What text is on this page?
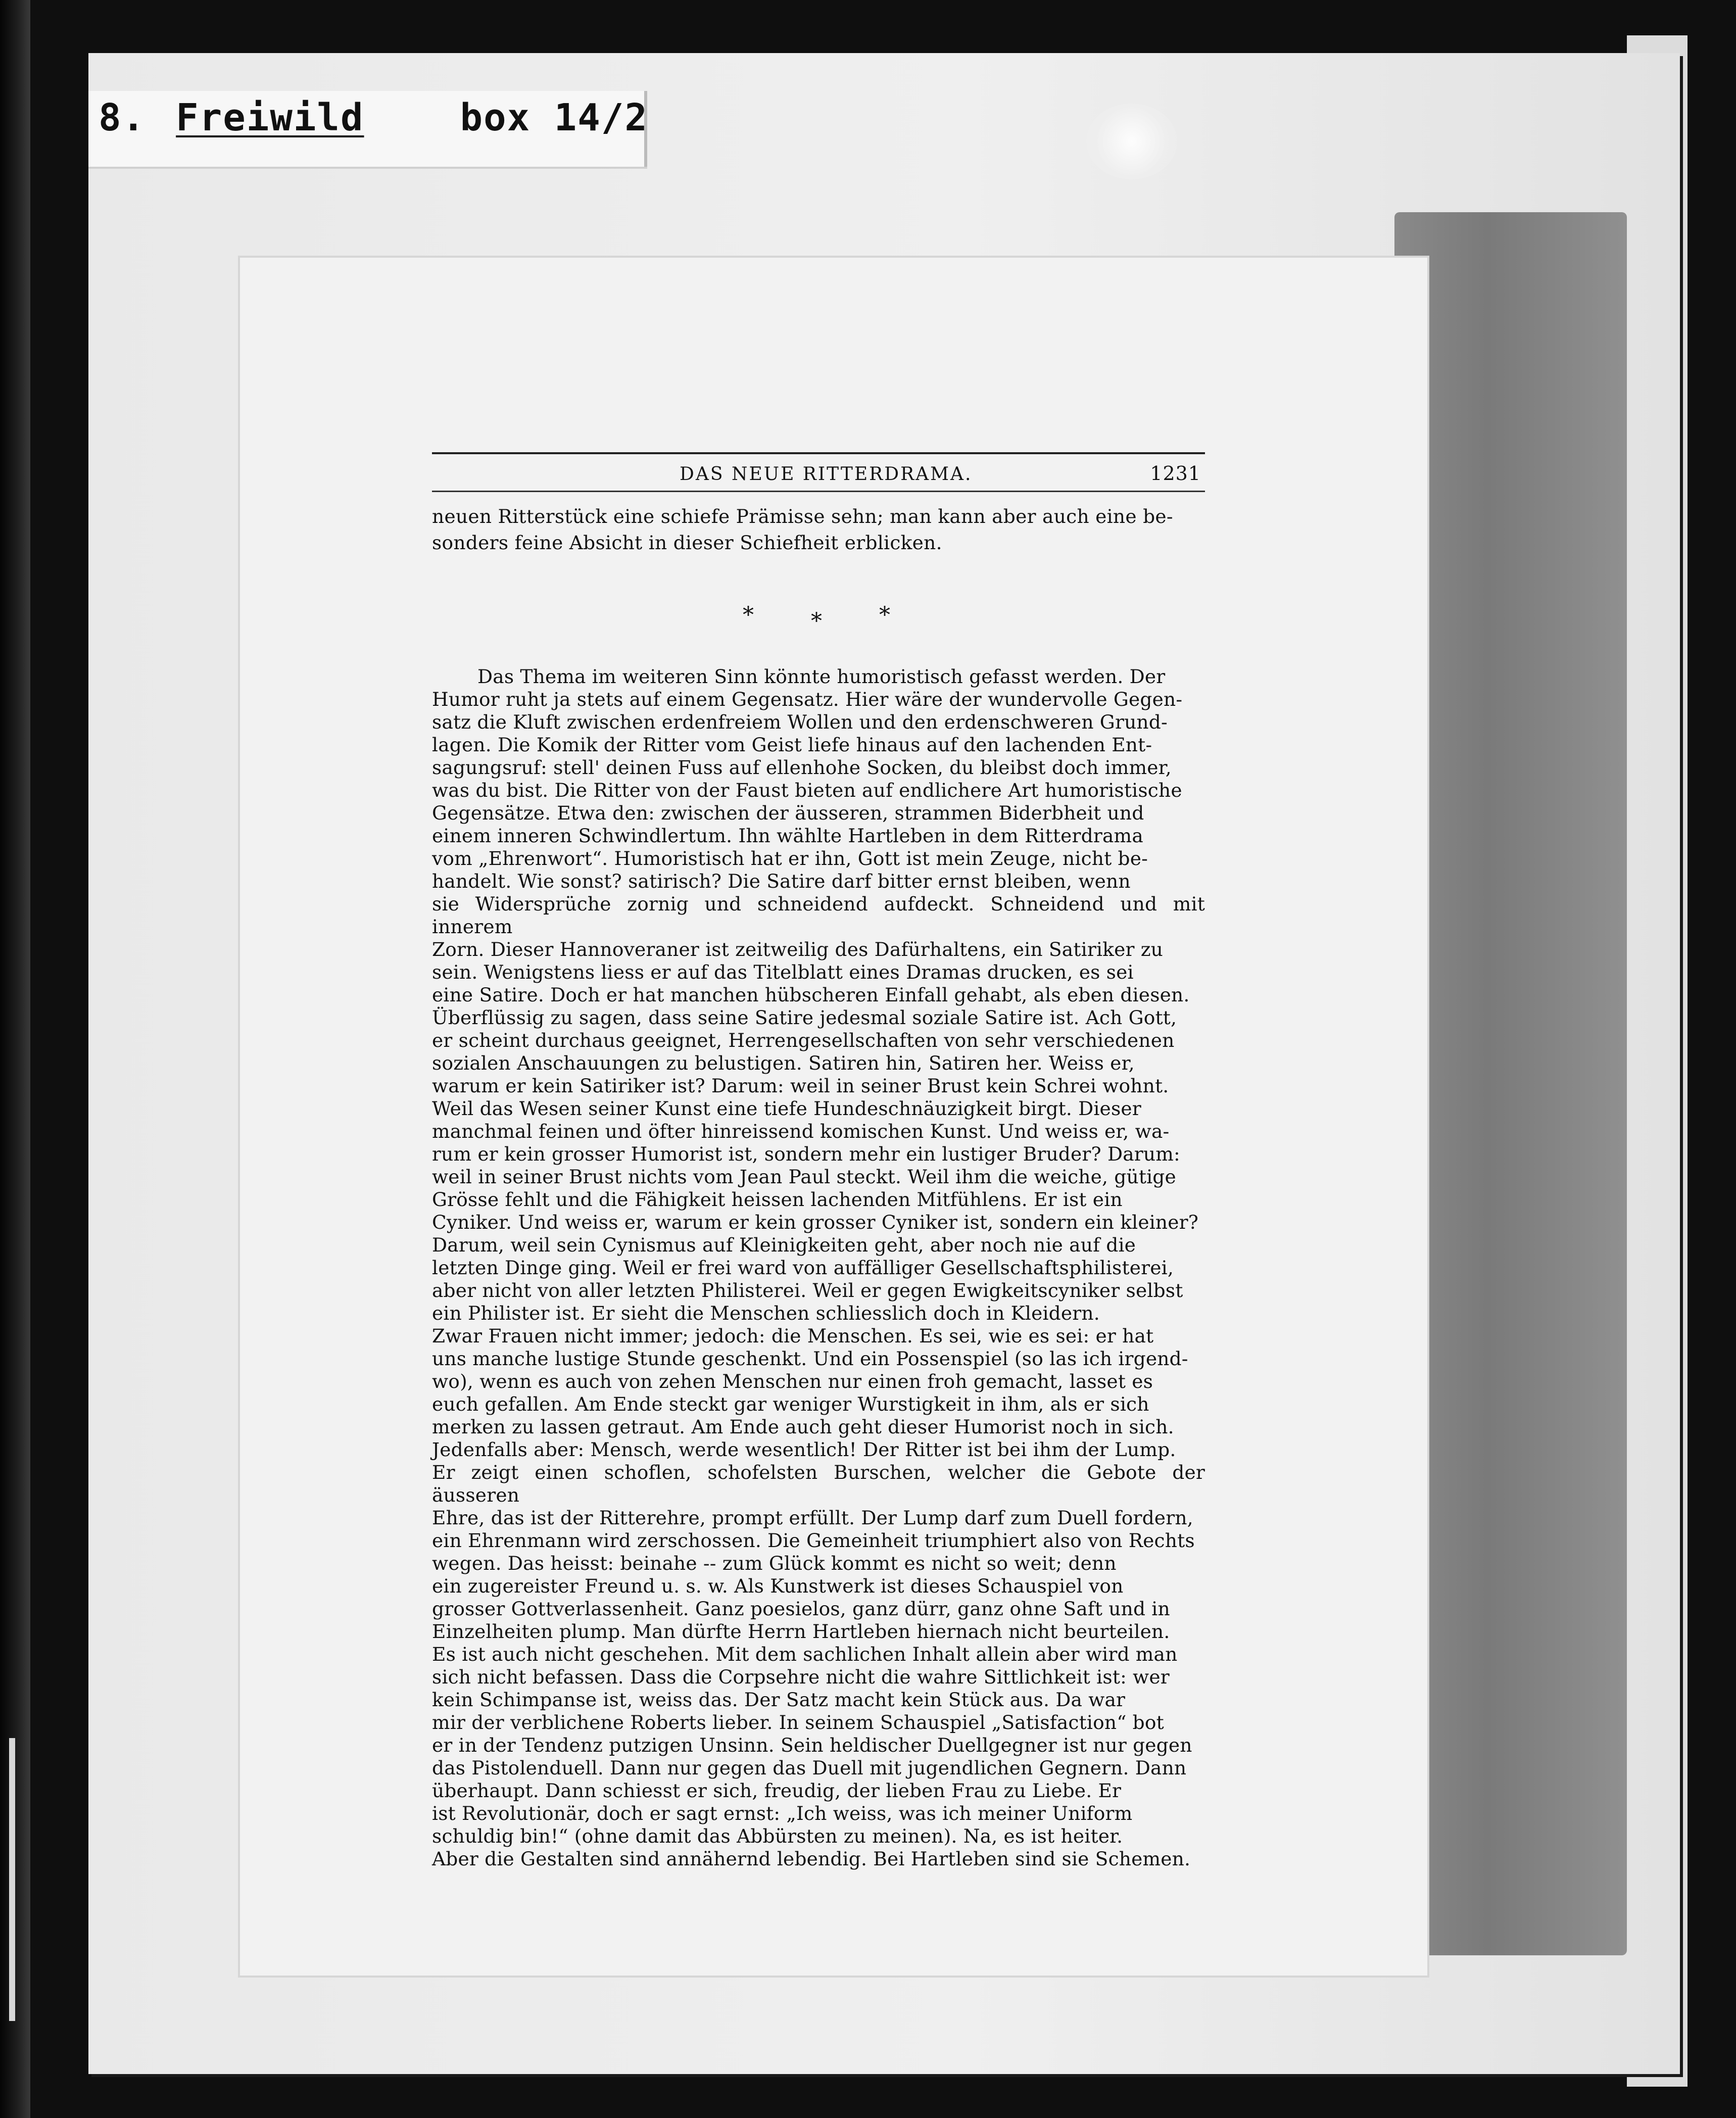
8. Freiwild	box 14/2
DAS NEUE RITTERDRAMA.	1231
neuen Ritterstück eine schiefe Prämisse sehn; man kann aber auch eine be-
sonders feine Absicht in dieser Schiefheit erblicken.
*	*	*
Das Thema im weiteren Sinn könnte humoristisch gefasst werden. Der
Humor ruht ja stets auf einem Gegensatz. Hier wäre der wundervolle Gegen-
satz die Kluft zwischen erdenfreiem Wollen und den erdenschweren Grund-
lagen. Die Komik der Ritter vom Geist liefe hinaus auf den lachenden Ent-
sagungsruf: stell' deinen Fuss auf ellenhohe Socken, du bleibst doch immer,
was du bist. Die Ritter von der Faust bieten auf endlichere Art humoristische
Gegensätze. Etwa den: zwischen der äusseren, strammen Biderbheit und
einem inneren Schwindlertum. Ihn wählte Hartleben in dem Ritterdrama
vom „Ehrenwort“. Humoristisch hat er ihn, Gott ist mein Zeuge, nicht be-
handelt. Wie sonst? satirisch? Die Satire darf bitter ernst bleiben, wenn
sie Widersprüche zornig und schneidend aufdeckt. Schneidend und mit innerem
Zorn. Dieser Hannoveraner ist zeitweilig des Dafürhaltens, ein Satiriker zu
sein. Wenigstens liess er auf das Titelblatt eines Dramas drucken, es sei
eine Satire. Doch er hat manchen hübscheren Einfall gehabt, als eben diesen.
Überflüssig zu sagen, dass seine Satire jedesmal soziale Satire ist. Ach Gott,
er scheint durchaus geeignet, Herrengesellschaften von sehr verschiedenen
sozialen Anschauungen zu belustigen. Satiren hin, Satiren her. Weiss er,
warum er kein Satiriker ist? Darum: weil in seiner Brust kein Schrei wohnt.
Weil das Wesen seiner Kunst eine tiefe Hundeschnäuzigkeit birgt. Dieser
manchmal feinen und öfter hinreissend komischen Kunst. Und weiss er, wa-
rum er kein grosser Humorist ist, sondern mehr ein lustiger Bruder? Darum:
weil in seiner Brust nichts vom Jean Paul steckt. Weil ihm die weiche, gütige
Grösse fehlt und die Fähigkeit heissen lachenden Mitfühlens. Er ist ein
Cyniker. Und weiss er, warum er kein grosser Cyniker ist, sondern ein kleiner?
Darum, weil sein Cynismus auf Kleinigkeiten geht, aber noch nie auf die
letzten Dinge ging. Weil er frei ward von auffälliger Gesellschaftsphilisterei,
aber nicht von aller letzten Philisterei. Weil er gegen Ewigkeitscyniker selbst
ein Philister ist. Er sieht die Menschen schliesslich doch in Kleidern.
Zwar Frauen nicht immer; jedoch: die Menschen. Es sei, wie es sei: er hat
uns manche lustige Stunde geschenkt. Und ein Possenspiel (so las ich irgend-
wo), wenn es auch von zehen Menschen nur einen froh gemacht, lasset es
euch gefallen. Am Ende steckt gar weniger Wurstigkeit in ihm, als er sich
merken zu lassen getraut. Am Ende auch geht dieser Humorist noch in sich.
Jedenfalls aber: Mensch, werde wesentlich! Der Ritter ist bei ihm der Lump.
Er zeigt einen schoflen, schofelsten Burschen, welcher die Gebote der äusseren
Ehre, das ist der Ritterehre, prompt erfüllt. Der Lump darf zum Duell fordern,
ein Ehrenmann wird zerschossen. Die Gemeinheit triumphiert also von Rechts
wegen. Das heisst: beinahe -- zum Glück kommt es nicht so weit; denn
ein zugereister Freund u. s. w. Als Kunstwerk ist dieses Schauspiel von
grosser Gottverlassenheit. Ganz poesielos, ganz dürr, ganz ohne Saft und in
Einzelheiten plump. Man dürfte Herrn Hartleben hiernach nicht beurteilen.
Es ist auch nicht geschehen. Mit dem sachlichen Inhalt allein aber wird man
sich nicht befassen. Dass die Corpsehre nicht die wahre Sittlichkeit ist: wer
kein Schimpanse ist, weiss das. Der Satz macht kein Stück aus. Da war
mir der verblichene Roberts lieber. In seinem Schauspiel „Satisfaction“ bot
er in der Tendenz putzigen Unsinn. Sein heldischer Duellgegner ist nur gegen
das Pistolenduell. Dann nur gegen das Duell mit jugendlichen Gegnern. Dann
überhaupt. Dann schiesst er sich, freudig, der lieben Frau zu Liebe. Er
ist Revolutionär, doch er sagt ernst: „Ich weiss, was ich meiner Uniform
schuldig bin!“ (ohne damit das Abbürsten zu meinen). Na, es ist heiter.
Aber die Gestalten sind annähernd lebendig. Bei Hartleben sind sie Schemen.
